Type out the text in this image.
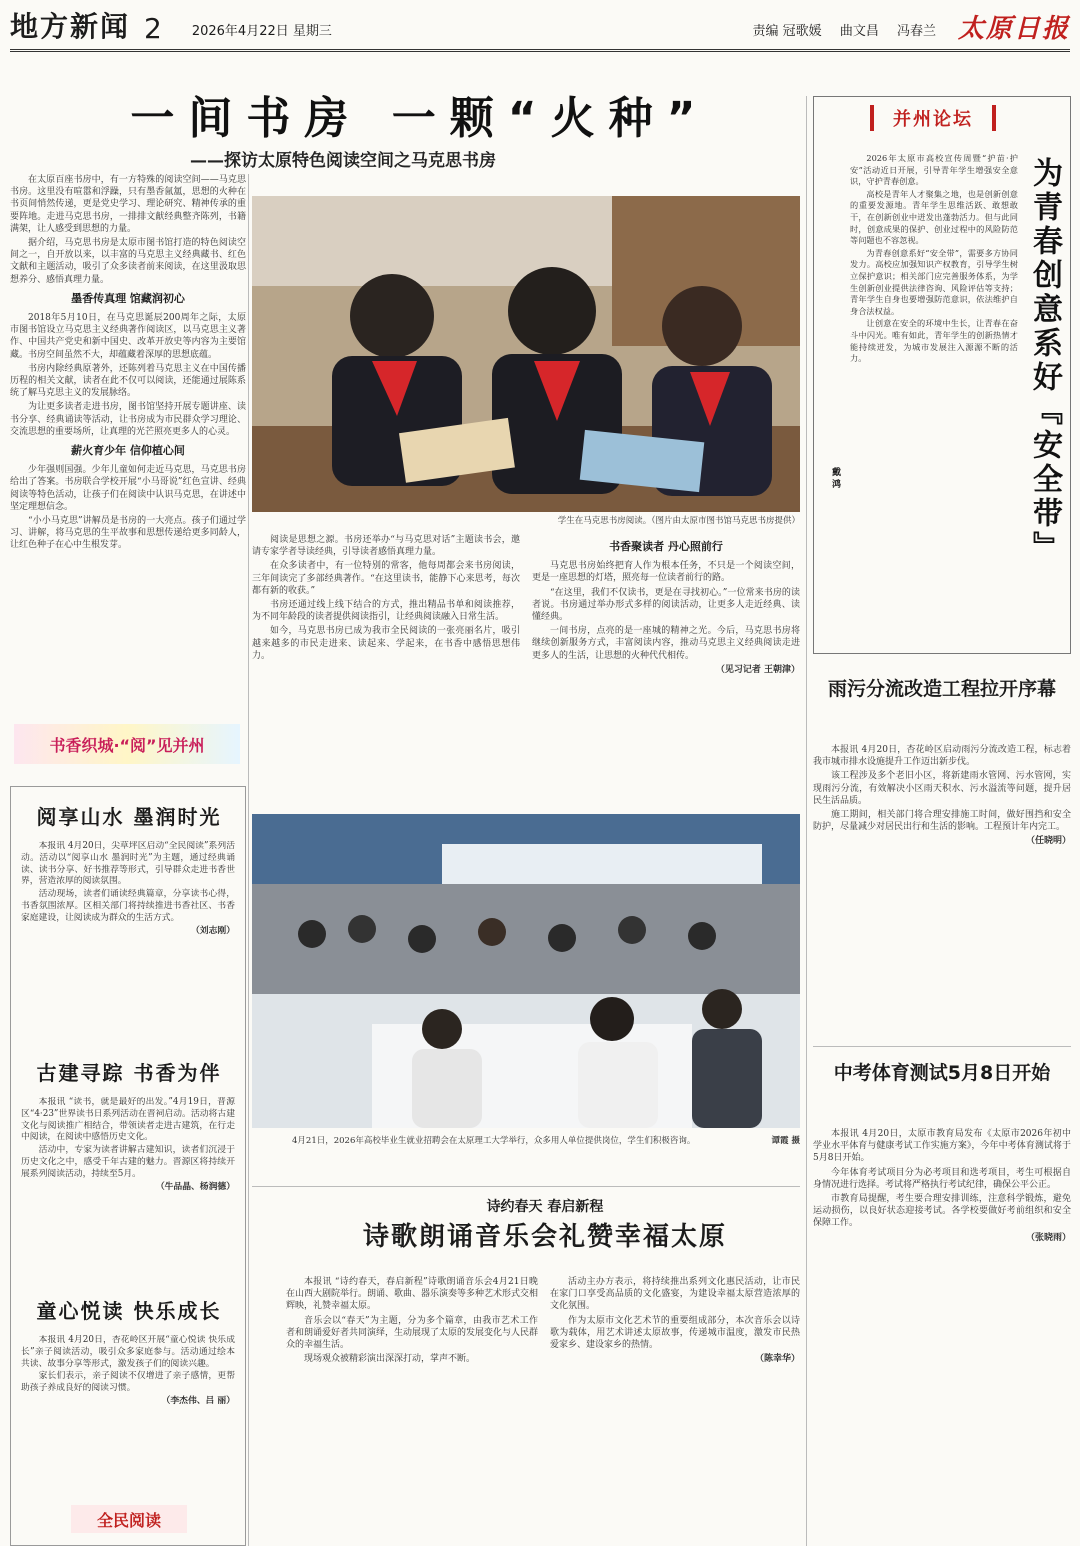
地方新闻 2 2026年4月22日 星期三	责编 冠歌媛 曲文昌 冯春兰 太原日报
一间书房 一颗“火种”
——探访太原特色阅读空间之马克思书房

在太原百座书房中，有一方特殊的阅读空间——马克思书房。这里没有喧嚣和浮躁，只有墨香氤氲，思想的火种在书页间悄然传递，更是党史学习、理论研究、精神传承的重要阵地。走进马克思书房，一排排文献经典整齐陈列，书籍满架，让人感受到思想的力量。

据介绍，马克思书房是太原市图书馆打造的特色阅读空间之一，自开放以来，以丰富的马克思主义经典藏书、红色文献和主题活动，吸引了众多读者前来阅读，在这里汲取思想养分、感悟真理力量。

墨香传真理 馆藏润初心

2018年5月10日，在马克思诞辰200周年之际，太原市图书馆设立马克思主义经典著作阅读区，以马克思主义著作、中国共产党史和新中国史、改革开放史等内容为主要馆藏。书房空间虽然不大，却蕴藏着深厚的思想底蕴。

书房内除经典原著外，还陈列着马克思主义在中国传播历程的相关文献，读者在此不仅可以阅读，还能通过展陈系统了解马克思主义的发展脉络。

为让更多读者走进书房，图书馆坚持开展专题讲座、读书分享、经典诵读等活动，让书房成为市民群众学习理论、交流思想的重要场所，让真理的光芒照亮更多人的心灵。

薪火育少年 信仰植心间

少年强则国强。少年儿童如何走近马克思，马克思书房给出了答案。书房联合学校开展“小马哥说”红色宣讲、经典阅读等特色活动，让孩子们在阅读中认识马克思，在讲述中坚定理想信念。

“小小马克思”讲解员是书房的一大亮点。孩子们通过学习、讲解，将马克思的生平故事和思想传递给更多同龄人，让红色种子在心中生根发芽。

书香织城·“阅”见并州
学生在马克思书房阅读。（图片由太原市图书馆马克思书房提供）

阅读是思想之源。书房还举办“与马克思对话”主题读书会，邀请专家学者导读经典，引导读者感悟真理力量。

在众多读者中，有一位特别的常客，他每周都会来书房阅读，三年间读完了多部经典著作。“在这里读书，能静下心来思考，每次都有新的收获。”

书房还通过线上线下结合的方式，推出精品书单和阅读推荐，为不同年龄段的读者提供阅读指引，让经典阅读融入日常生活。

如今，马克思书房已成为我市全民阅读的一张亮丽名片，吸引越来越多的市民走进来、读起来、学起来，在书香中感悟思想伟力。

书香聚读者 丹心照前行

马克思书房始终把育人作为根本任务，不只是一个阅读空间，更是一座思想的灯塔，照亮每一位读者前行的路。

“在这里，我们不仅读书，更是在寻找初心。”一位常来书房的读者说。书房通过举办形式多样的阅读活动，让更多人走近经典、读懂经典。

一间书房，点亮的是一座城的精神之光。今后，马克思书房将继续创新服务方式，丰富阅读内容，推动马克思主义经典阅读走进更多人的生活，让思想的火种代代相传。

（见习记者 王朝津）

阅享山水 墨润时光

本报讯 4月20日，尖草坪区启动“全民阅读”系列活动。活动以“阅享山水 墨润时光”为主题，通过经典诵读、读书分享、好书推荐等形式，引导群众走进书香世界，营造浓厚的阅读氛围。

活动现场，读者们诵读经典篇章，分享读书心得，书香氛围浓厚。区相关部门将持续推进书香社区、书香家庭建设，让阅读成为群众的生活方式。

（刘志刚）

古建寻踪 书香为伴

本报讯 “读书，就是最好的出发。”4月19日，晋源区“4·23”世界读书日系列活动在晋祠启动。活动将古建文化与阅读推广相结合，带领读者走进古建筑，在行走中阅读，在阅读中感悟历史文化。

活动中，专家为读者讲解古建知识，读者们沉浸于历史文化之中，感受千年古建的魅力。晋源区将持续开展系列阅读活动，持续至5月。

（牛品晶、杨润德）

童心悦读 快乐成长

本报讯 4月20日，杏花岭区开展“童心悦读 快乐成长”亲子阅读活动，吸引众多家庭参与。活动通过绘本共读、故事分享等形式，激发孩子们的阅读兴趣。

家长们表示，亲子阅读不仅增进了亲子感情，更帮助孩子养成良好的阅读习惯。

（李杰伟、吕 丽）

全民阅读
4月21日，2026年高校毕业生就业招聘会在太原理工大学举行，众多用人单位提供岗位，学生们积极咨询。	谭霞 摄
诗约春天 春启新程
诗歌朗诵音乐会礼赞幸福太原

本报讯 “诗约春天，春启新程”诗歌朗诵音乐会4月21日晚在山西大剧院举行。朗诵、歌曲、器乐演奏等多种艺术形式交相辉映，礼赞幸福太原。

音乐会以“春天”为主题，分为多个篇章，由我市艺术工作者和朗诵爱好者共同演绎，生动展现了太原的发展变化与人民群众的幸福生活。

现场观众被精彩演出深深打动，掌声不断。

活动主办方表示，将持续推出系列文化惠民活动，让市民在家门口享受高品质的文化盛宴，为建设幸福太原营造浓厚的文化氛围。

作为太原市文化艺术节的重要组成部分，本次音乐会以诗歌为载体，用艺术讲述太原故事，传递城市温度，激发市民热爱家乡、建设家乡的热情。

（陈幸华）

并州论坛
为青春创意系好『安全带』

2026年太原市高校宣传周暨“护苗·护安”活动近日开展，引导青年学生增强安全意识，守护青春创意。

高校是青年人才聚集之地，也是创新创意的重要发源地。青年学生思维活跃、敢想敢干，在创新创业中迸发出蓬勃活力。但与此同时，创意成果的保护、创业过程中的风险防范等问题也不容忽视。

为青春创意系好“安全带”，需要多方协同发力。高校应加强知识产权教育，引导学生树立保护意识；相关部门应完善服务体系，为学生创新创业提供法律咨询、风险评估等支持；青年学生自身也要增强防范意识，依法维护自身合法权益。

让创意在安全的环境中生长，让青春在奋斗中闪光。唯有如此，青年学生的创新热情才能持续迸发，为城市发展注入源源不断的活力。

戴 鸿
雨污分流改造工程拉开序幕

本报讯 4月20日，杏花岭区启动雨污分流改造工程，标志着我市城市排水设施提升工作迈出新步伐。

该工程涉及多个老旧小区，将新建雨水管网、污水管网，实现雨污分流，有效解决小区雨天积水、污水溢流等问题，提升居民生活品质。

施工期间，相关部门将合理安排施工时间，做好围挡和安全防护，尽量减少对居民出行和生活的影响。工程预计年内完工。

（任晓明）

中考体育测试5月8日开始

本报讯 4月20日，太原市教育局发布《太原市2026年初中学业水平体育与健康考试工作实施方案》，今年中考体育测试将于5月8日开始。

今年体育考试项目分为必考项目和选考项目，考生可根据自身情况进行选择。考试将严格执行考试纪律，确保公平公正。

市教育局提醒，考生要合理安排训练，注意科学锻炼，避免运动损伤，以良好状态迎接考试。各学校要做好考前组织和安全保障工作。

（张晓雨）
